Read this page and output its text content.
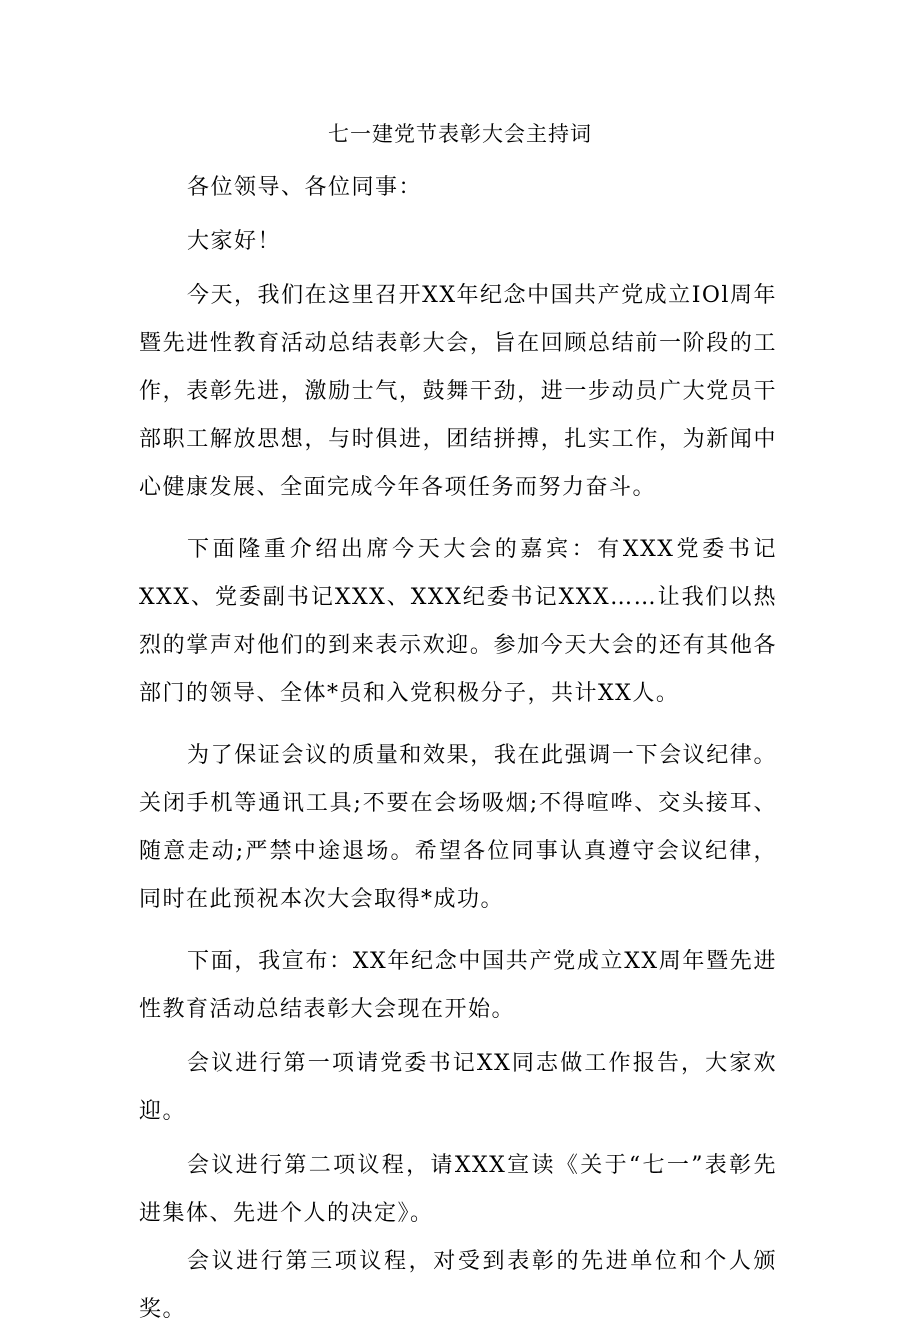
七一建党节表彰大会主持词

各位领导、各位同事：

大家好！

今天，我们在这里召开XX年纪念中国共产党成立IOl周年暨先进性教育活动总结表彰大会，旨在回顾总结前一阶段的工作，表彰先进，激励士气，鼓舞干劲，进一步动员广大党员干部职工解放思想，与时俱进，团结拼搏，扎实工作，为新闻中心健康发展、全面完成今年各项任务而努力奋斗。

下面隆重介绍出席今天大会的嘉宾：有XXX党委书记XXX、党委副书记XXX、XXX纪委书记XXX……让我们以热烈的掌声对他们的到来表示欢迎。参加今天大会的还有其他各部门的领导、全体*员和入党积极分子，共计XX人。

为了保证会议的质量和效果，我在此强调一下会议纪律。关闭手机等通讯工具;不要在会场吸烟;不得喧哗、交头接耳、随意走动;严禁中途退场。希望各位同事认真遵守会议纪律，同时在此预祝本次大会取得*成功。

下面，我宣布：XX年纪念中国共产党成立XX周年暨先进性教育活动总结表彰大会现在开始。

会议进行第一项请党委书记XX同志做工作报告，大家欢迎。

会议进行第二项议程，请XXX宣读《关于“七一”表彰先进集体、先进个人的决定》。

会议进行第三项议程，对受到表彰的先进单位和个人颁奖。
